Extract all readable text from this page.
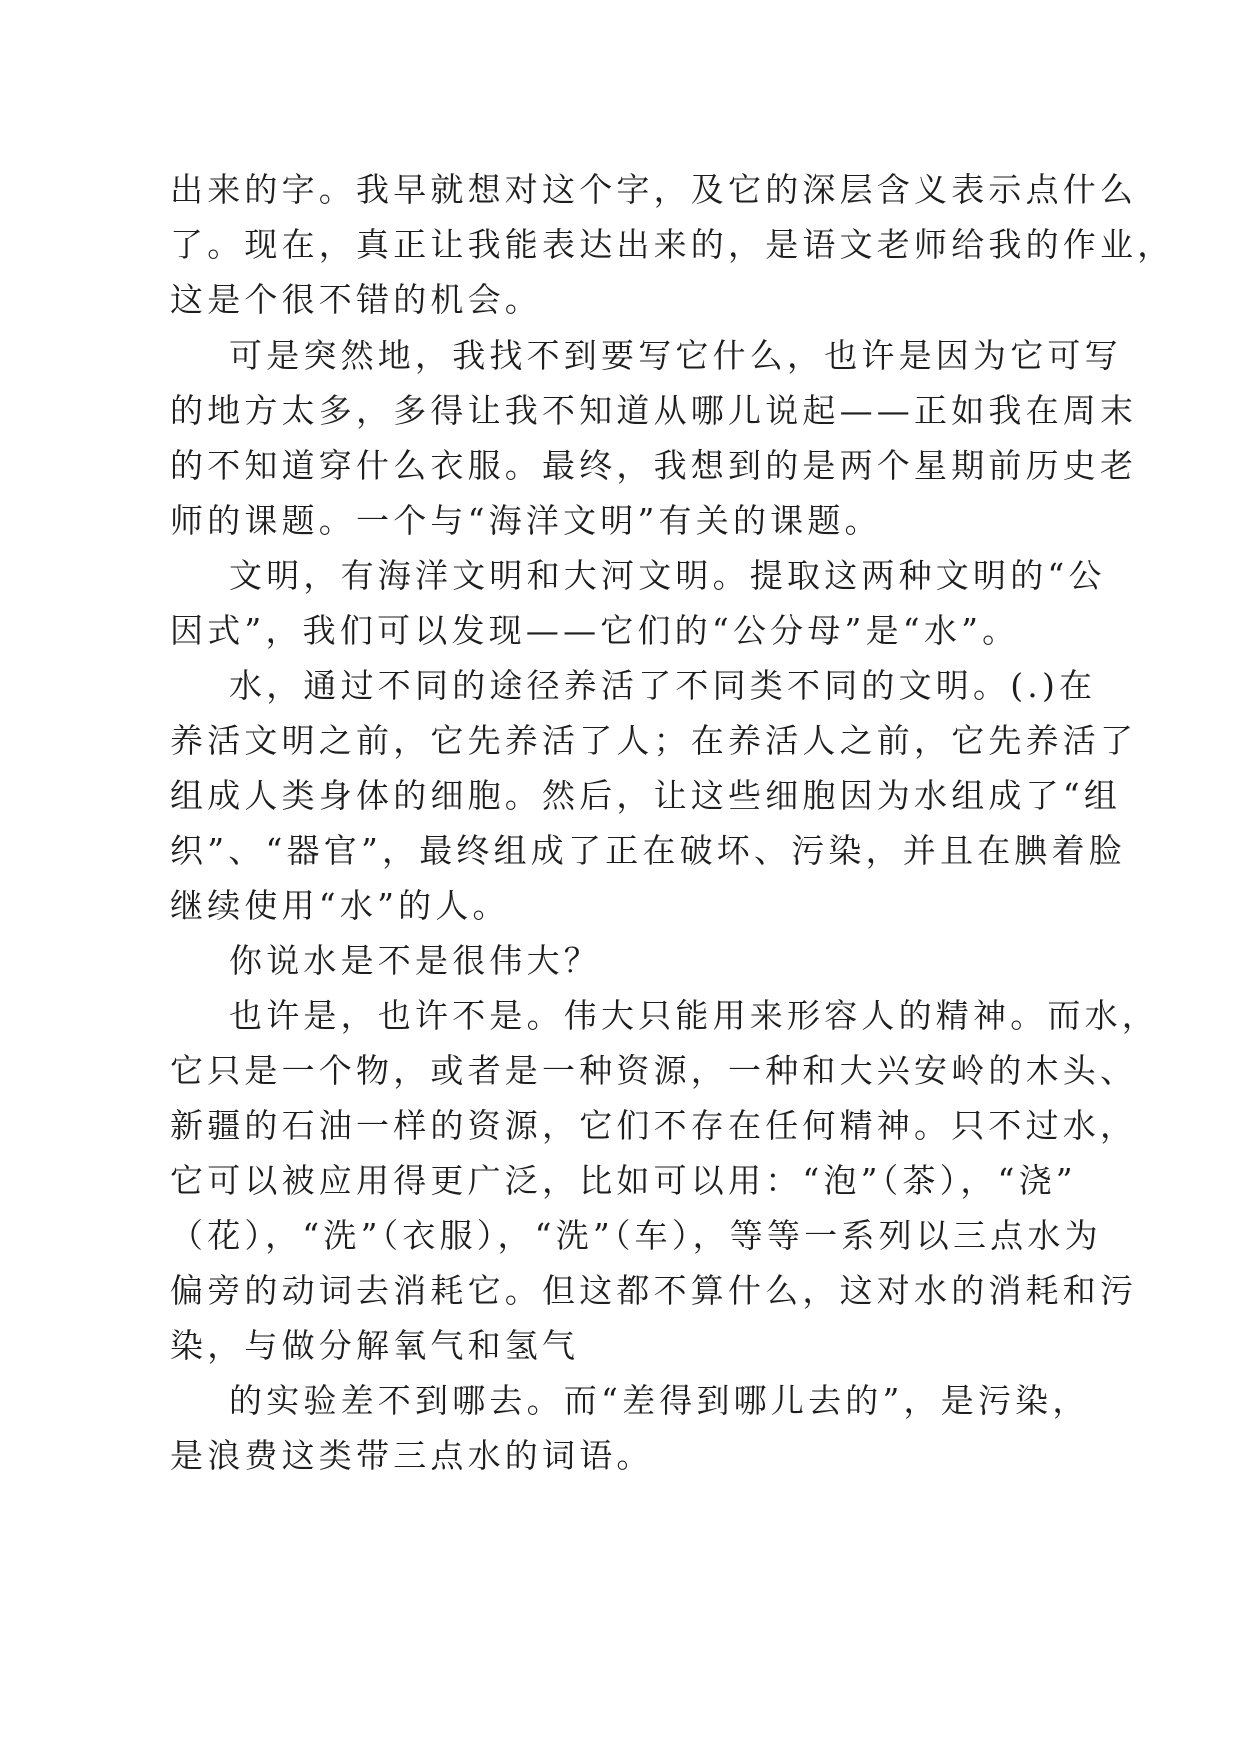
出来的字。我早就想对这个字，及它的深层含义表示点什么
了。现在，真正让我能表达出来的，是语文老师给我的作业，
这是个很不错的机会。
可是突然地，我找不到要写它什么，也许是因为它可写
的地方太多，多得让我不知道从哪儿说起——正如我在周末
的不知道穿什么衣服。最终，我想到的是两个星期前历史老
师的课题。一个与“海洋文明”有关的课题。
文明，有海洋文明和大河文明。提取这两种文明的“公
因式”，我们可以发现——它们的“公分母”是“水”。
水，通过不同的途径养活了不同类不同的文明。(.)在
养活文明之前，它先养活了人；在养活人之前，它先养活了
组成人类身体的细胞。然后，让这些细胞因为水组成了“组
织”、“器官”，最终组成了正在破坏、污染，并且在腆着脸
继续使用“水”的人。
你说水是不是很伟大？
也许是，也许不是。伟大只能用来形容人的精神。而水，
它只是一个物，或者是一种资源，一种和大兴安岭的木头、
新疆的石油一样的资源，它们不存在任何精神。只不过水，
它可以被应用得更广泛，比如可以用：“泡”（茶），“浇”
（花），“洗”（衣服），“洗”（车），等等一系列以三点水为
偏旁的动词去消耗它。但这都不算什么，这对水的消耗和污
染，与做分解氧气和氢气
的实验差不到哪去。而“差得到哪儿去的”，是污染，
是浪费这类带三点水的词语。
